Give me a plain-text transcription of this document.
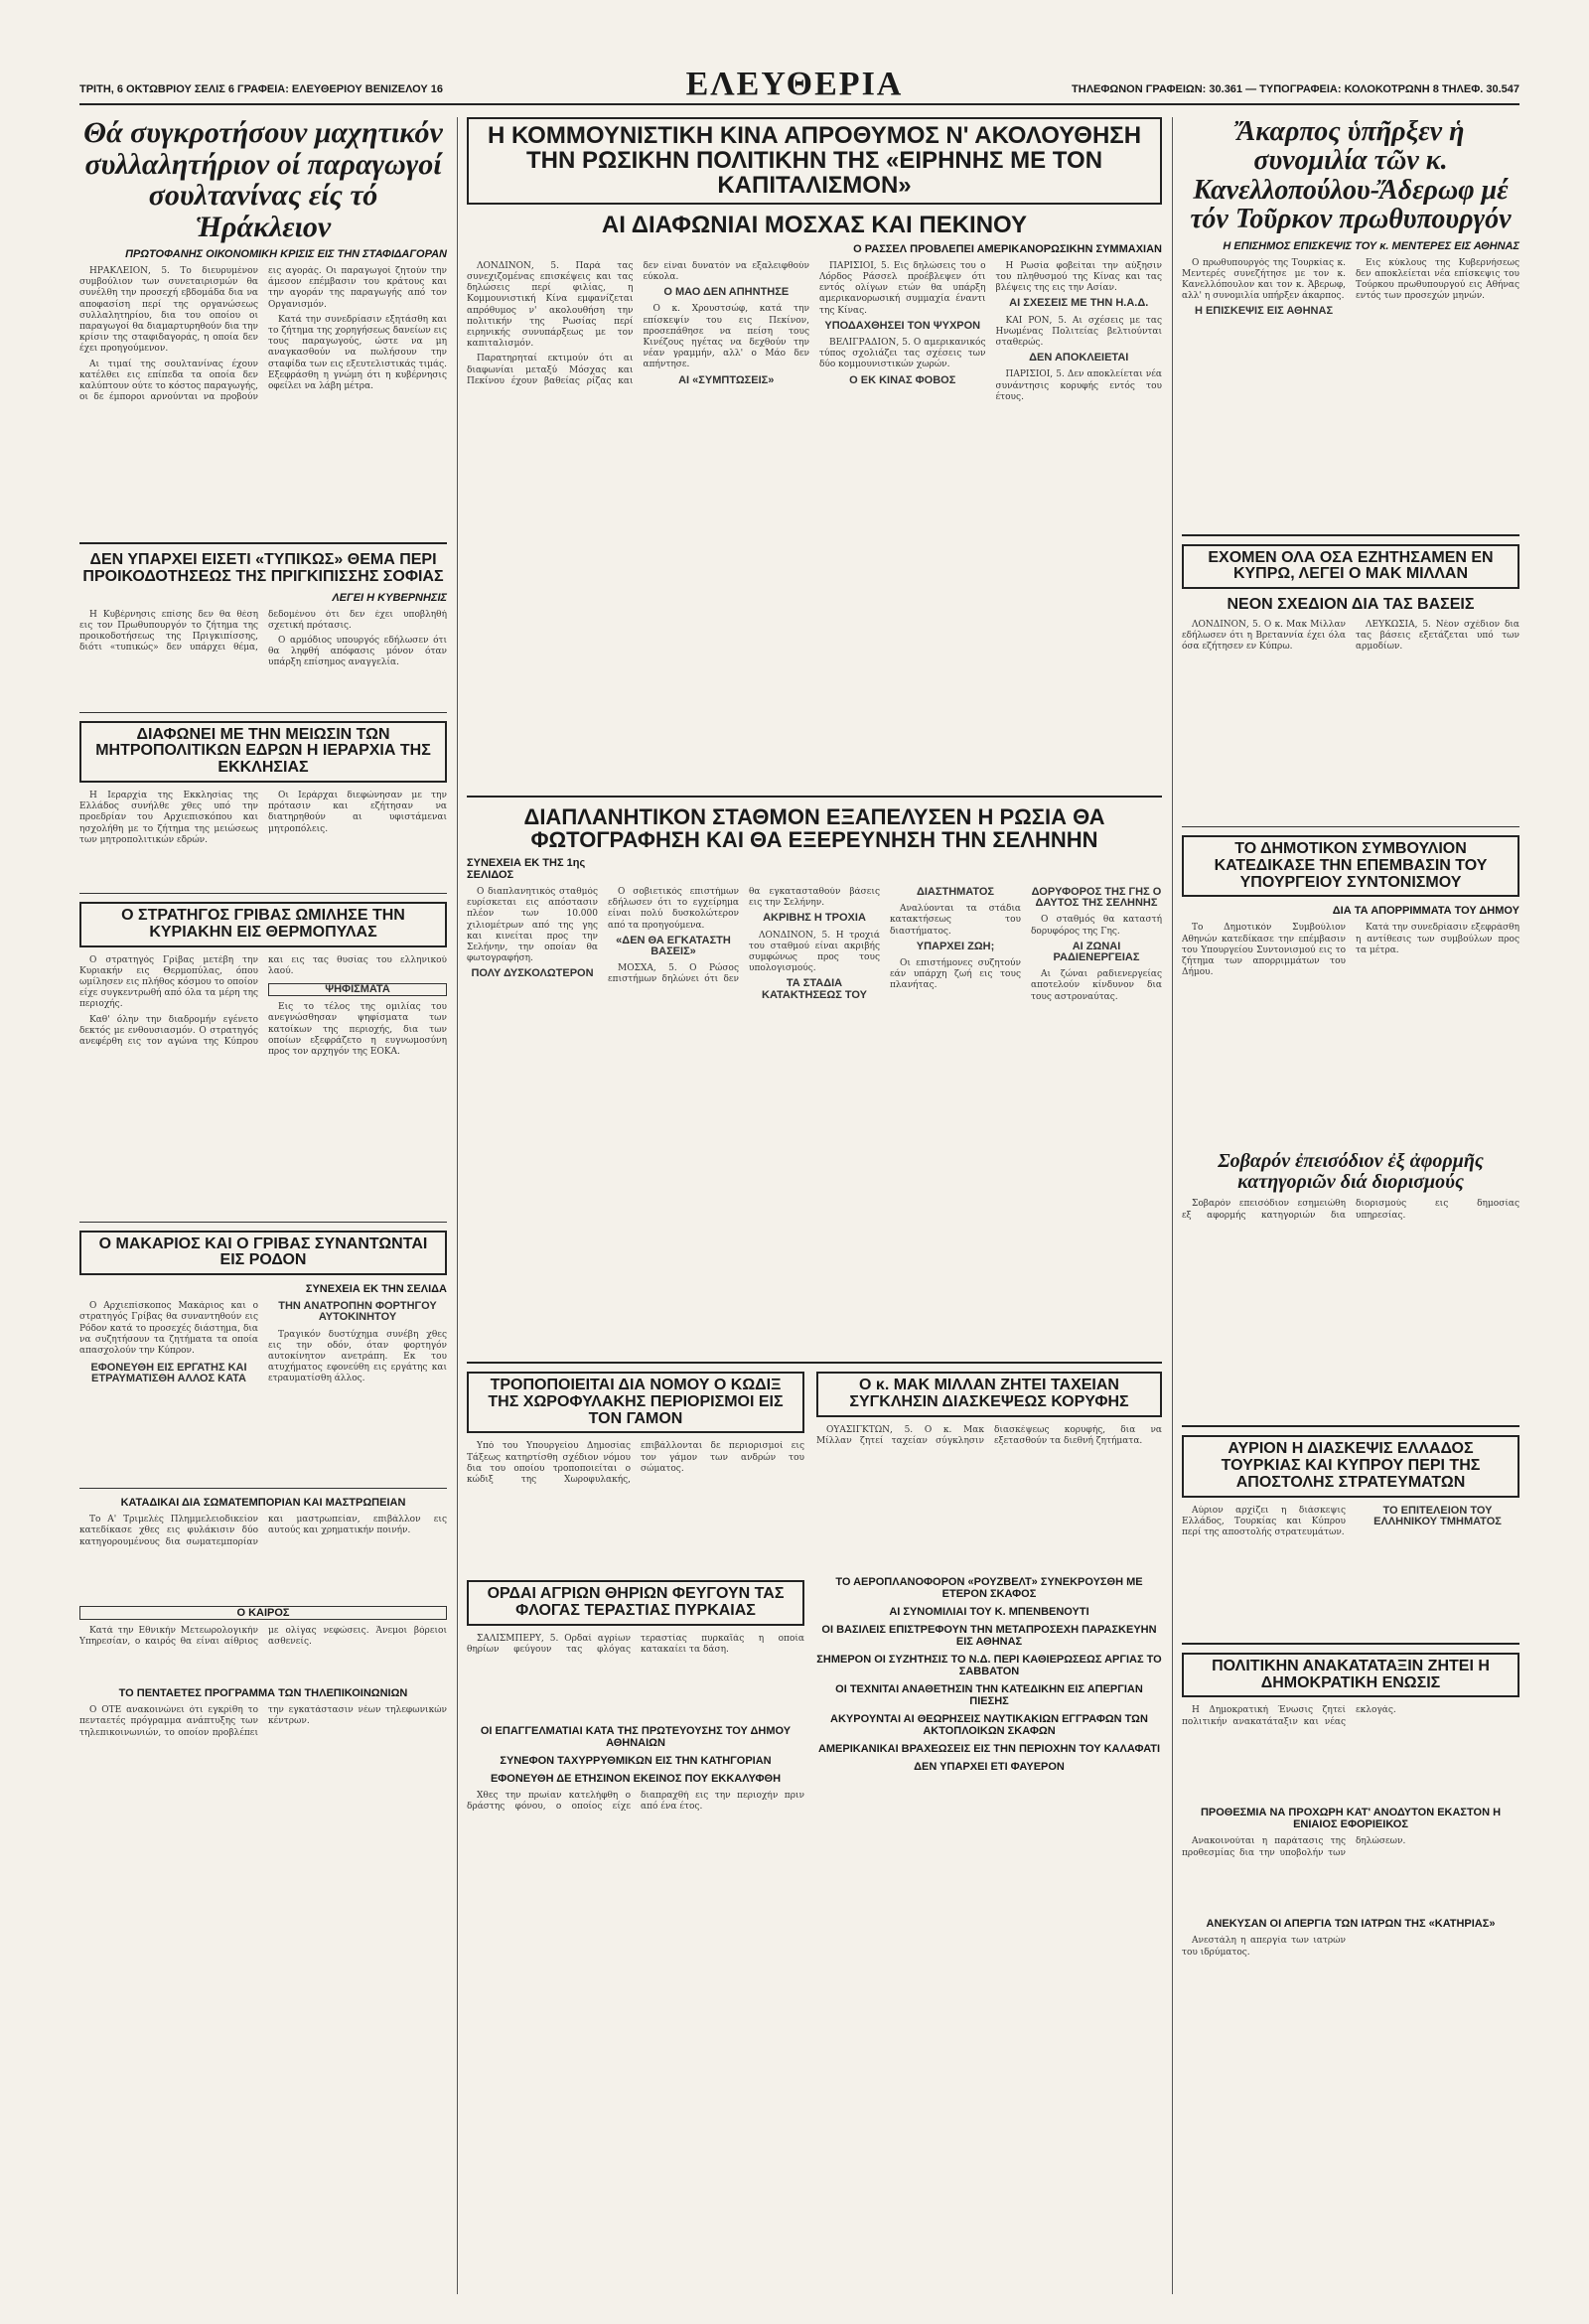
ΤΡΙΤΗ, 6 ΟΚΤΩΒΡΙΟΥ ΣΕΛΙΣ 6 ΓΡΑΦΕΙΑ: ΕΛΕΥΘΕΡΙΟΥ ΒΕΝΙΖΕΛΟΥ 16	ΤΗΛΕΦΩΝΟΝ ΓΡΑΦΕΙΩΝ: 30.361 — ΤΥΠΟΓΡΑΦΕΙΑ: ΚΟΛΟΚΟΤΡΩΝΗ 8 ΤΗΛΕΦ. 30.547
ΕΛΕΥΘΕΡΙΑ
Θά συγκροτήσουν μαχητικόν συλλαλητήριον οί παραγωγοί σουλτανίνας είς τό Ἡράκλειον
ΠΡΩΤΟΦΑΝΗΣ ΟΙΚΟΝΟΜΙΚΗ ΚΡΙΣΙΣ ΕΙΣ ΤΗΝ ΣΤΑΦΙΔΑΓΟΡΑΝ

ΗΡΑΚΛΕΙΟΝ, 5. Το διευρυμένον συμβούλιον των συνεταιρισμών θα συνέλθη την προσεχή εβδομάδα δια να αποφασίση περί της οργανώσεως συλλαλητηρίου, δια του οποίου οι παραγωγοί θα διαμαρτυρηθούν δια την κρίσιν της σταφιδαγοράς, η οποία δεν έχει προηγούμενον.

Αι τιμαί της σουλτανίνας έχουν κατέλθει εις επίπεδα τα οποία δεν καλύπτουν ούτε το κόστος παραγωγής, οι δε έμποροι αρνούνται να προβούν εις αγοράς. Οι παραγωγοί ζητούν την άμεσον επέμβασιν του κράτους και την αγοράν της παραγωγής από τον Οργανισμόν.

Κατά την συνεδρίασιν εξητάσθη και το ζήτημα της χορηγήσεως δανείων εις τους παραγωγούς, ώστε να μη αναγκασθούν να πωλήσουν την σταφίδα των εις εξευτελιστικάς τιμάς. Εξεφράσθη η γνώμη ότι η κυβέρνησις οφείλει να λάβη μέτρα.

ΔΕΝ ΥΠΑΡΧΕΙ ΕΙΣΕΤΙ «ΤΥΠΙΚΩΣ» ΘΕΜΑ ΠΕΡΙ ΠΡΟΙΚΟΔΟΤΗΣΕΩΣ ΤΗΣ ΠΡΙΓΚΙΠΙΣΣΗΣ ΣΟΦΙΑΣ
ΛΕΓΕΙ Η ΚΥΒΕΡΝΗΣΙΣ

Η Κυβέρνησις επίσης δεν θα θέση εις τον Πρωθυπουργόν το ζήτημα της προικοδοτήσεως της Πριγκιπίσσης, διότι «τυπικώς» δεν υπάρχει θέμα, δεδομένου ότι δεν έχει υποβληθή σχετική πρότασις.

Ο αρμόδιος υπουργός εδήλωσεν ότι θα ληφθή απόφασις μόνον όταν υπάρξη επίσημος αναγγελία.

ΔΙΑΦΩΝΕΙ ΜΕ ΤΗΝ ΜΕΙΩΣΙΝ ΤΩΝ ΜΗΤΡΟΠΟΛΙΤΙΚΩΝ ΕΔΡΩΝ Η ΙΕΡΑΡΧΙΑ ΤΗΣ ΕΚΚΛΗΣΙΑΣ

Η Ιεραρχία της Εκκλησίας της Ελλάδος συνήλθε χθες υπό την προεδρίαν του Αρχιεπισκόπου και ησχολήθη με το ζήτημα της μειώσεως των μητροπολιτικών εδρών.

Οι Ιεράρχαι διεφώνησαν με την πρότασιν και εζήτησαν να διατηρηθούν αι υφιστάμεναι μητροπόλεις.

Ο ΣΤΡΑΤΗΓΟΣ ΓΡΙΒΑΣ ΩΜΙΛΗΣΕ ΤΗΝ ΚΥΡΙΑΚΗΝ ΕΙΣ ΘΕΡΜΟΠΥΛΑΣ

Ο στρατηγός Γρίβας μετέβη την Κυριακήν εις Θερμοπύλας, όπου ωμίλησεν εις πλήθος κόσμου το οποίον είχε συγκεντρωθή από όλα τα μέρη της περιοχής.

Καθ' όλην την διαδρομήν εγένετο δεκτός με ενθουσιασμόν. Ο στρατηγός ανεφέρθη εις τον αγώνα της Κύπρου και εις τας θυσίας του ελληνικού λαού.

ΨΗΦΙΣΜΑΤΑ

Εις το τέλος της ομιλίας του ανεγνώσθησαν ψηφίσματα των κατοίκων της περιοχής, δια των οποίων εξεφράζετο η ευγνωμοσύνη προς τον αρχηγόν της ΕΟΚΑ.

Ο ΜΑΚΑΡΙΟΣ ΚΑΙ Ο ΓΡΙΒΑΣ ΣΥΝΑΝΤΩΝΤΑΙ ΕΙΣ ΡΟΔΟΝ
ΣΥΝΕΧΕΙΑ ΕΚ ΤΗΝ ΣΕΛΙΔΑ

Ο Αρχιεπίσκοπος Μακάριος και ο στρατηγός Γρίβας θα συναντηθούν εις Ρόδον κατά το προσεχές διάστημα, δια να συζητήσουν τα ζητήματα τα οποία απασχολούν την Κύπρον.

ΕΦΟΝΕΥΘΗ ΕΙΣ ΕΡΓΑΤΗΣ ΚΑΙ ΕΤΡΑΥΜΑΤΙΣΘΗ ΑΛΛΟΣ ΚΑΤΑ ΤΗΝ ΑΝΑΤΡΟΠΗΝ ΦΟΡΤΗΓΟΥ ΑΥΤΟΚΙΝΗΤΟΥ

Τραγικόν δυστύχημα συνέβη χθες εις την οδόν, όταν φορτηγόν αυτοκίνητον ανετράπη. Εκ του ατυχήματος εφονεύθη εις εργάτης και ετραυματίσθη άλλος.

ΚΑΤΑΔΙΚΑΙ ΔΙΑ ΣΩΜΑΤΕΜΠΟΡΙΑΝ ΚΑΙ ΜΑΣΤΡΩΠΕΙΑΝ

Το Α' Τριμελές Πλημμελειοδικείον κατεδίκασε χθες εις φυλάκισιν δύο κατηγορουμένους δια σωματεμπορίαν και μαστρωπείαν, επιβάλλον εις αυτούς και χρηματικήν ποινήν.

Ο ΚΑΙΡΟΣ

Κατά την Εθνικήν Μετεωρολογικήν Υπηρεσίαν, ο καιρός θα είναι αίθριος με ολίγας νεφώσεις. Άνεμοι βόρειοι ασθενείς.

ΤΟ ΠΕΝΤΑΕΤΕΣ ΠΡΟΓΡΑΜΜΑ ΤΩΝ ΤΗΛΕΠΙΚΟΙΝΩΝΙΩΝ

Ο ΟΤΕ ανακοινώνει ότι εγκρίθη το πενταετές πρόγραμμα ανάπτυξης των τηλεπικοινωνιών, το οποίον προβλέπει την εγκατάστασιν νέων τηλεφωνικών κέντρων.

Η ΚΟΜΜΟΥΝΙΣΤΙΚΗ ΚΙΝΑ ΑΠΡΟΘΥΜΟΣ Ν' ΑΚΟΛΟΥΘΗΣΗ ΤΗΝ ΡΩΣΙΚΗΝ ΠΟΛΙΤΙΚΗΝ ΤΗΣ «ΕΙΡΗΝΗΣ ΜΕ ΤΟΝ ΚΑΠΙΤΑΛΙΣΜΟΝ»
ΑΙ ΔΙΑΦΩΝΙΑΙ ΜΟΣΧΑΣ ΚΑΙ ΠΕΚΙΝΟΥ
Ο ΡΑΣΣΕΛ ΠΡΟΒΛΕΠΕΙ ΑΜΕΡΙΚΑΝΟΡΩΣΙΚΗΝ ΣΥΜΜΑΧΙΑΝ

ΛΟΝΔΙΝΟΝ, 5. Παρά τας συνεχιζομένας επισκέψεις και τας δηλώσεις περί φιλίας, η Κομμουνιστική Κίνα εμφανίζεται απρόθυμος ν' ακολουθήση την πολιτικήν της Ρωσίας περί ειρηνικής συνυπάρξεως με τον καπιταλισμόν.

Παρατηρηταί εκτιμούν ότι αι διαφωνίαι μεταξύ Μόσχας και Πεκίνου έχουν βαθείας ρίζας και δεν είναι δυνατόν να εξαλειφθούν εύκολα.

Ο ΜΑΟ ΔΕΝ ΑΠΗΝΤΗΣΕ

Ο κ. Χρουστσώφ, κατά την επίσκεψίν του εις Πεκίνον, προσεπάθησε να πείση τους Κινέζους ηγέτας να δεχθούν την νέαν γραμμήν, αλλ' ο Μάο δεν απήντησε.

ΑΙ «ΣΥΜΠΤΩΣΕΙΣ»

ΠΑΡΙΣΙΟΙ, 5. Εις δηλώσεις του ο Λόρδος Ράσσελ προέβλεψεν ότι εντός ολίγων ετών θα υπάρξη αμερικανορωσική συμμαχία έναντι της Κίνας.

ΥΠΟΔΑΧΘΗΣΕΙ ΤΟΝ ΨΥΧΡΟΝ

ΒΕΛΙΓΡΑΔΙΟΝ, 5. Ο αμερικανικός τύπος σχολιάζει τας σχέσεις των δύο κομμουνιστικών χωρών.

Ο ΕΚ ΚΙΝΑΣ ΦΟΒΟΣ

Η Ρωσία φοβείται την αύξησιν του πληθυσμού της Κίνας και τας βλέψεις της εις την Ασίαν.

ΑΙ ΣΧΕΣΕΙΣ ΜΕ ΤΗΝ Η.Α.Δ.

ΚΑΙ ΡΟΝ, 5. Αι σχέσεις με τας Ηνωμένας Πολιτείας βελτιούνται σταθερώς.

ΔΕΝ ΑΠΟΚΛΕΙΕΤΑΙ

ΠΑΡΙΣΙΟΙ, 5. Δεν αποκλείεται νέα συνάντησις κορυφής εντός του έτους.

ΔΙΑΠΛΑΝΗΤΙΚΟΝ ΣΤΑΘΜΟΝ ΕΞΑΠΕΛΥΣΕΝ Η ΡΩΣΙΑ ΘΑ ΦΩΤΟΓΡΑΦΗΣΗ ΚΑΙ ΘΑ ΕΞΕΡΕΥΝΗΣΗ ΤΗΝ ΣΕΛΗΝΗΝ
ΣΥΝΕΧΕΙΑ ΕΚ ΤΗΣ 1ης ΣΕΛΙΔΟΣ

Ο διαπλανητικός σταθμός ευρίσκεται εις απόστασιν πλέον των 10.000 χιλιομέτρων από της γης και κινείται προς την Σελήνην, την οποίαν θα φωτογραφήση.

ΠΟΛΥ ΔΥΣΚΟΛΩΤΕΡΟΝ

Ο σοβιετικός επιστήμων εδήλωσεν ότι το εγχείρημα είναι πολύ δυσκολώτερον από τα προηγούμενα.

«ΔΕΝ ΘΑ ΕΓΚΑΤΑΣΤΗ ΒΑΣΕΙΣ»

ΜΟΣΧΑ, 5. Ο Ρώσος επιστήμων δηλώνει ότι δεν θα εγκατασταθούν βάσεις εις την Σελήνην.

ΑΚΡΙΒΗΣ Η ΤΡΟΧΙΑ

ΛΟΝΔΙΝΟΝ, 5. Η τροχιά του σταθμού είναι ακριβής συμφώνως προς τους υπολογισμούς.

ΤΑ ΣΤΑΔΙΑ ΚΑΤΑΚΤΗΣΕΩΣ ΤΟΥ ΔΙΑΣΤΗΜΑΤΟΣ

Αναλύονται τα στάδια κατακτήσεως του διαστήματος.

ΥΠΑΡΧΕΙ ΖΩΗ;

Οι επιστήμονες συζητούν εάν υπάρχη ζωή εις τους πλανήτας.

ΔΟΡΥΦΟΡΟΣ ΤΗΣ ΓΗΣ Ο ΔΑΥΤΟΣ ΤΗΣ ΣΕΛΗΝΗΣ

Ο σταθμός θα καταστή δορυφόρος της Γης.

ΑΙ ΖΩΝΑΙ ΡΑΔΙΕΝΕΡΓΕΙΑΣ

Αι ζώναι ραδιενεργείας αποτελούν κίνδυνον δια τους αστροναύτας.

ΤΡΟΠΟΠΟΙΕΙΤΑΙ ΔΙΑ ΝΟΜΟΥ Ο ΚΩΔΙΞ ΤΗΣ ΧΩΡΟΦΥΛΑΚΗΣ ΠΕΡΙΟΡΙΣΜΟΙ ΕΙΣ ΤΟΝ ΓΑΜΟΝ

Υπό του Υπουργείου Δημοσίας Τάξεως κατηρτίσθη σχέδιον νόμου δια του οποίου τροποποιείται ο κώδιξ της Χωροφυλακής, επιβάλλονται δε περιορισμοί εις τον γάμον των ανδρών του σώματος.

ΟΡΔΑΙ ΑΓΡΙΩΝ ΘΗΡΙΩΝ ΦΕΥΓΟΥΝ ΤΑΣ ΦΛΟΓΑΣ ΤΕΡΑΣΤΙΑΣ ΠΥΡΚΑΙΑΣ

ΣΑΛΙΣΜΠΕΡΥ, 5. Ορδαί αγρίων θηρίων φεύγουν τας φλόγας τεραστίας πυρκαϊάς η οποία κατακαίει τα δάση.

ΟΙ ΕΠΑΓΓΕΛΜΑΤΙΑΙ ΚΑΤΑ ΤΗΣ ΠΡΩΤΕΥΟΥΣΗΣ ΤΟΥ ΔΗΜΟΥ ΑΘΗΝΑΙΩΝ
ΣΥΝΕΦΟΝ ΤΑΧΥΡΡΥΘΜΙΚΩΝ ΕΙΣ ΤΗΝ ΚΑΤΗΓΟΡΙΑΝ
ΕΦΟΝΕΥΘΗ ΔΕ ΕΤΗΣΙΝΟΝ ΕΚΕΙΝΟΣ ΠΟΥ ΕΚΚΑΛΥΦΘΗ

Χθες την πρωίαν κατελήφθη ο δράστης φόνου, ο οποίος είχε διαπραχθή εις την περιοχήν πριν από ένα έτος.

Ο κ. ΜΑΚ ΜΙΛΛΑΝ ΖΗΤΕΙ ΤΑΧΕΙΑΝ ΣΥΓΚΛΗΣΙΝ ΔΙΑΣΚΕΨΕΩΣ ΚΟΡΥΦΗΣ

ΟΥΑΣΙΓΚΤΩΝ, 5. Ο κ. Μακ Μίλλαν ζητεί ταχείαν σύγκλησιν διασκέψεως κορυφής, δια να εξετασθούν τα διεθνή ζητήματα.

ΤΟ ΑΕΡΟΠΛΑΝΟΦΟΡΟΝ «ΡΟΥΖΒΕΛΤ» ΣΥΝΕΚΡΟΥΣΘΗ ΜΕ ΕΤΕΡΟΝ ΣΚΑΦΟΣ
ΑΙ ΣΥΝΟΜΙΛΙΑΙ ΤΟΥ Κ. ΜΠΕΝΒΕΝΟΥΤΙ
ΟΙ ΒΑΣΙΛΕΙΣ ΕΠΙΣΤΡΕΦΟΥΝ ΤΗΝ ΜΕΤΑΠΡΟΣΕΧΗ ΠΑΡΑΣΚΕΥΗΝ ΕΙΣ ΑΘΗΝΑΣ
ΣΗΜΕΡΟΝ ΟΙ ΣΥΖΗΤΗΣΙΣ ΤΟ Ν.Δ. ΠΕΡΙ ΚΑΘΙΕΡΩΣΕΩΣ ΑΡΓΙΑΣ ΤΟ ΣΑΒΒΑΤΟΝ
ΟΙ ΤΕΧΝΙΤΑΙ ΑΝΑΘΕΤΗΣΙΝ ΤΗΝ ΚΑΤΕΔΙΚΗΝ ΕΙΣ ΑΠΕΡΓΙΑΝ ΠΙΕΣΗΣ
ΑΚΥΡΟΥΝΤΑΙ ΑΙ ΘΕΩΡΗΣΕΙΣ ΝΑΥΤΙΚΑΚΙΩΝ ΕΓΓΡΑΦΩΝ ΤΩΝ ΑΚΤΟΠΛΟΙΚΩΝ ΣΚΑΦΩΝ
ΑΜΕΡΙΚΑΝΙΚΑΙ ΒΡΑΧΕΩΣΕΙΣ ΕΙΣ ΤΗΝ ΠΕΡΙΟΧΗΝ ΤΟΥ ΚΑΛΑΦΑΤΙ
ΔΕΝ ΥΠΑΡΧΕΙ ΕΤΙ ΦΑΥΕΡΟΝ
Ἄκαρπος ὑπῆρξεν ἡ συνομιλία τῶν κ. Κανελλοπούλου-Ἄδερωφ μέ τόν Τοῦρκον πρωθυπουργόν
Η ΕΠΙΣΗΜΟΣ ΕΠΙΣΚΕΨΙΣ ΤΟΥ κ. ΜΕΝΤΕΡΕΣ ΕΙΣ ΑΘΗΝΑΣ

Ο πρωθυπουργός της Τουρκίας κ. Μεντερές συνεζήτησε με τον κ. Κανελλόπουλον και τον κ. Άβερωφ, αλλ' η συνομιλία υπήρξεν άκαρπος.

Η ΕΠΙΣΚΕΨΙΣ ΕΙΣ ΑΘΗΝΑΣ

Εις κύκλους της Κυβερνήσεως δεν αποκλείεται νέα επίσκεψις του Τούρκου πρωθυπουργού εις Αθήνας εντός των προσεχών μηνών.

ΕΧΟΜΕΝ ΟΛΑ ΟΣΑ ΕΖΗΤΗΣΑΜΕΝ ΕΝ ΚΥΠΡΩ, ΛΕΓΕΙ Ο ΜΑΚ ΜΙΛΛΑΝ
ΝΕΟΝ ΣΧΕΔΙΟΝ ΔΙΑ ΤΑΣ ΒΑΣΕΙΣ

ΛΟΝΔΙΝΟΝ, 5. Ο κ. Μακ Μίλλαν εδήλωσεν ότι η Βρεταννία έχει όλα όσα εζήτησεν εν Κύπρω.

ΛΕΥΚΩΣΙΑ, 5. Νέον σχέδιον δια τας βάσεις εξετάζεται υπό των αρμοδίων.

ΤΟ ΔΗΜΟΤΙΚΟΝ ΣΥΜΒΟΥΛΙΟΝ ΚΑΤΕΔΙΚΑΣΕ ΤΗΝ ΕΠΕΜΒΑΣΙΝ ΤΟΥ ΥΠΟΥΡΓΕΙΟΥ ΣΥΝΤΟΝΙΣΜΟΥ
ΔΙΑ ΤΑ ΑΠΟΡΡΙΜΜΑΤΑ ΤΟΥ ΔΗΜΟΥ

Το Δημοτικόν Συμβούλιον Αθηνών κατεδίκασε την επέμβασιν του Υπουργείου Συντονισμού εις το ζήτημα των απορριμμάτων του Δήμου.

Κατά την συνεδρίασιν εξεφράσθη η αντίθεσις των συμβούλων προς τα μέτρα.

Σοβαρόν ἐπεισόδιον ἐξ ἀφορμῆς κατηγοριῶν διά διορισμούς

Σοβαρόν επεισόδιον εσημειώθη εξ αφορμής κατηγοριών δια διορισμούς εις δημοσίας υπηρεσίας.

ΑΥΡΙΟΝ Η ΔΙΑΣΚΕΨΙΣ ΕΛΛΑΔΟΣ ΤΟΥΡΚΙΑΣ ΚΑΙ ΚΥΠΡΟΥ ΠΕΡΙ ΤΗΣ ΑΠΟΣΤΟΛΗΣ ΣΤΡΑΤΕΥΜΑΤΩΝ

Αύριον αρχίζει η διάσκεψις Ελλάδος, Τουρκίας και Κύπρου περί της αποστολής στρατευμάτων.

ΤΟ ΕΠΙΤΕΛΕΙΟΝ ΤΟΥ ΕΛΛΗΝΙΚΟΥ ΤΜΗΜΑΤΟΣ
ΠΟΛΙΤΙΚΗΝ ΑΝΑΚΑΤΑΤΑΞΙΝ ΖΗΤΕΙ Η ΔΗΜΟΚΡΑΤΙΚΗ ΕΝΩΣΙΣ

Η Δημοκρατική Ένωσις ζητεί πολιτικήν ανακατάταξιν και νέας εκλογάς.

ΠΡΟΘΕΣΜΙΑ ΝΑ ΠΡΟΧΩΡΗ ΚΑΤ' ΑΝΟΔΥΤΟΝ ΕΚΑΣΤΟΝ Η ΕΝΙΑΙΟΣ ΕΦΟΡΙΕΙΚΟΣ

Ανακοινούται η παράτασις της προθεσμίας δια την υποβολήν των δηλώσεων.

ΑΝΕΚΥΣΑΝ ΟΙ ΑΠΕΡΓΙΑ ΤΩΝ ΙΑΤΡΩΝ ΤΗΣ «ΚΑΤΗΡΙΑΣ»

Ανεστάλη η απεργία των ιατρών του ιδρύματος.
